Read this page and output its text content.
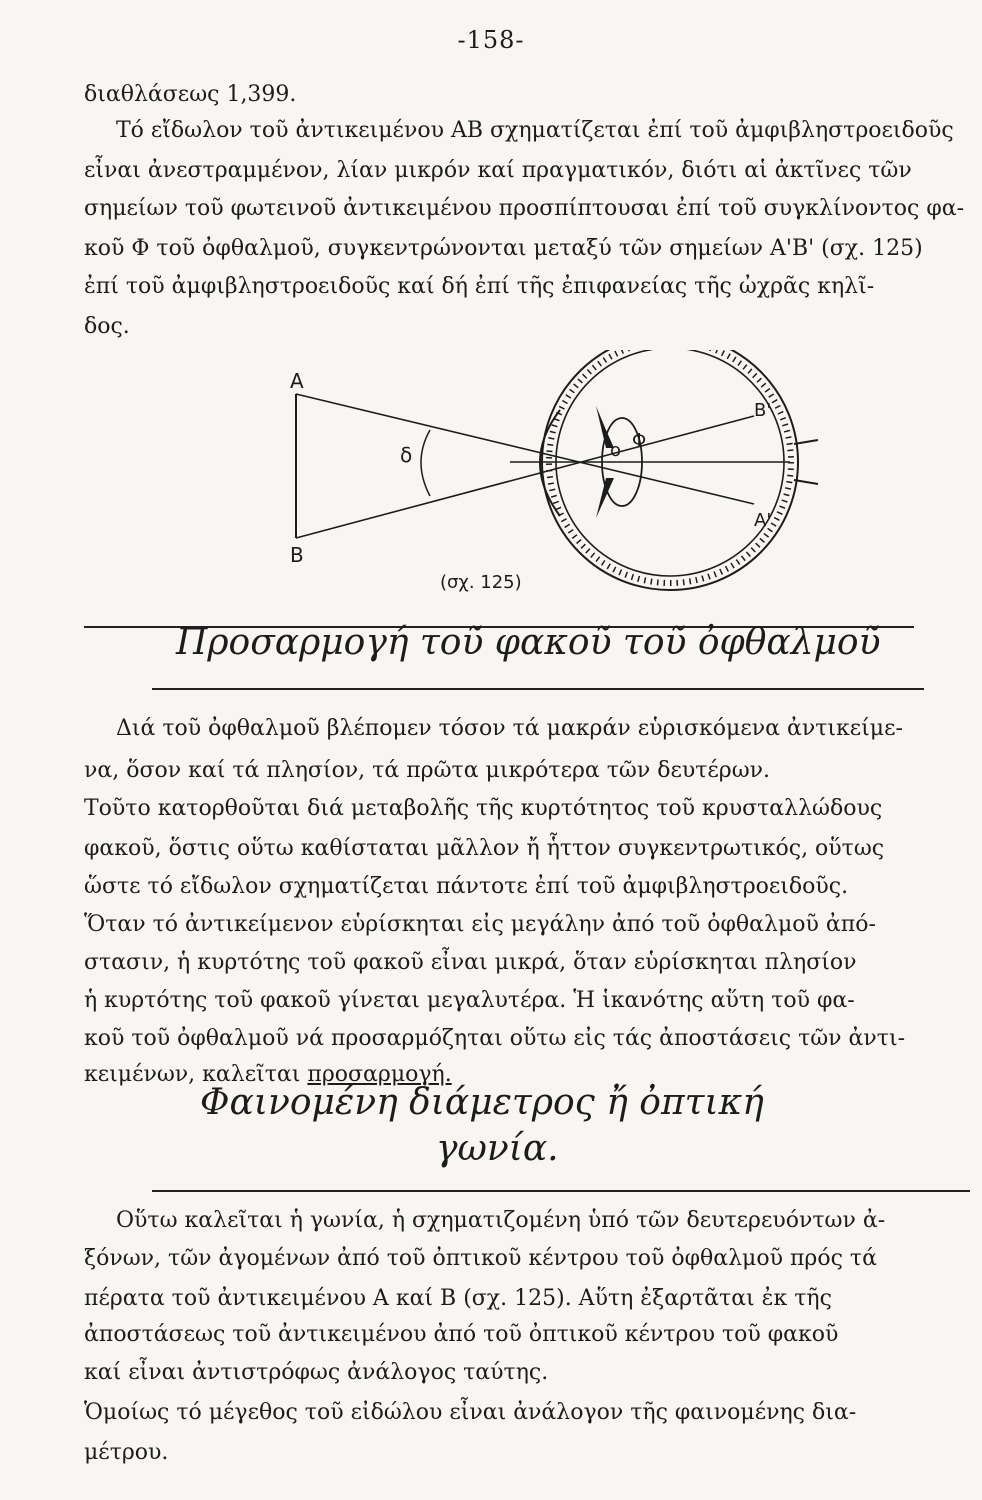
-158-
διαθλάσεως 1,399.
Τό εἴδωλον τοῦ ἀντικειμένου ΑΒ σχηματίζεται ἐπί τοῦ ἀμφιβληστροειδοῦς
εἶναι ἀνεστραμμένον, λίαν μικρόν καί πραγματικόν, διότι αἱ ἀκτῖνες τῶν
σημείων τοῦ φωτεινοῦ ἀντικειμένου προσπίπτουσαι ἐπί τοῦ συγκλίνοντος φα-
κοῦ Φ τοῦ ὀφθαλμοῦ, συγκεντρώνονται μεταξύ τῶν σημείων Α'Β' (σχ. 125)
ἐπί τοῦ ἀμφιβληστροειδοῦς καί δή ἐπί τῆς ἐπιφανείας τῆς ὠχρᾶς κηλῖ-
δος.
A
B
δ	o Φ
B'
A'
(σχ. 125)
Προσαρμογή τοῦ φακοῦ τοῦ ὀφθαλμοῦ
Διά τοῦ ὀφθαλμοῦ βλέπομεν τόσον τά μακράν εὑρισκόμενα ἀντικείμε-
να, ὅσον καί τά πλησίον, τά πρῶτα μικρότερα τῶν δευτέρων.
Τοῦτο κατορθοῦται διά μεταβολῆς τῆς κυρτότητος τοῦ κρυσταλλώδους
φακοῦ, ὅστις οὕτω καθίσταται μᾶλλον ἤ ἧττον συγκεντρωτικός, οὕτως
ὥστε τό εἴδωλον σχηματίζεται πάντοτε ἐπί τοῦ ἀμφιβληστροειδοῦς.
Ὅταν τό ἀντικείμενον εὑρίσκηται εἰς μεγάλην ἀπό τοῦ ὀφθαλμοῦ ἀπό-
στασιν, ἡ κυρτότης τοῦ φακοῦ εἶναι μικρά, ὅταν εὑρίσκηται πλησίον
ἡ κυρτότης τοῦ φακοῦ γίνεται μεγαλυτέρα. Ἡ ἱκανότης αὕτη τοῦ φα-
κοῦ τοῦ ὀφθαλμοῦ νά προσαρμόζηται οὕτω εἰς τάς ἀποστάσεις τῶν ἀντι-
κειμένων, καλεῖται προσαρμογή.
Φαινομένη διάμετρος ἤ ὀπτική
γωνία.
Οὕτω καλεῖται ἡ γωνία, ἡ σχηματιζομένη ὑπό τῶν δευτερευόντων ἀ-
ξόνων, τῶν ἀγομένων ἀπό τοῦ ὀπτικοῦ κέντρου τοῦ ὀφθαλμοῦ πρός τά
πέρατα τοῦ ἀντικειμένου Α καί Β (σχ. 125). Αὕτη ἐξαρτᾶται ἐκ τῆς
ἀποστάσεως τοῦ ἀντικειμένου ἀπό τοῦ ὀπτικοῦ κέντρου τοῦ φακοῦ
καί εἶναι ἀντιστρόφως ἀνάλογος ταύτης.
Ὁμοίως τό μέγεθος τοῦ εἰδώλου εἶναι ἀνάλογον τῆς φαινομένης δια-
μέτρου.
